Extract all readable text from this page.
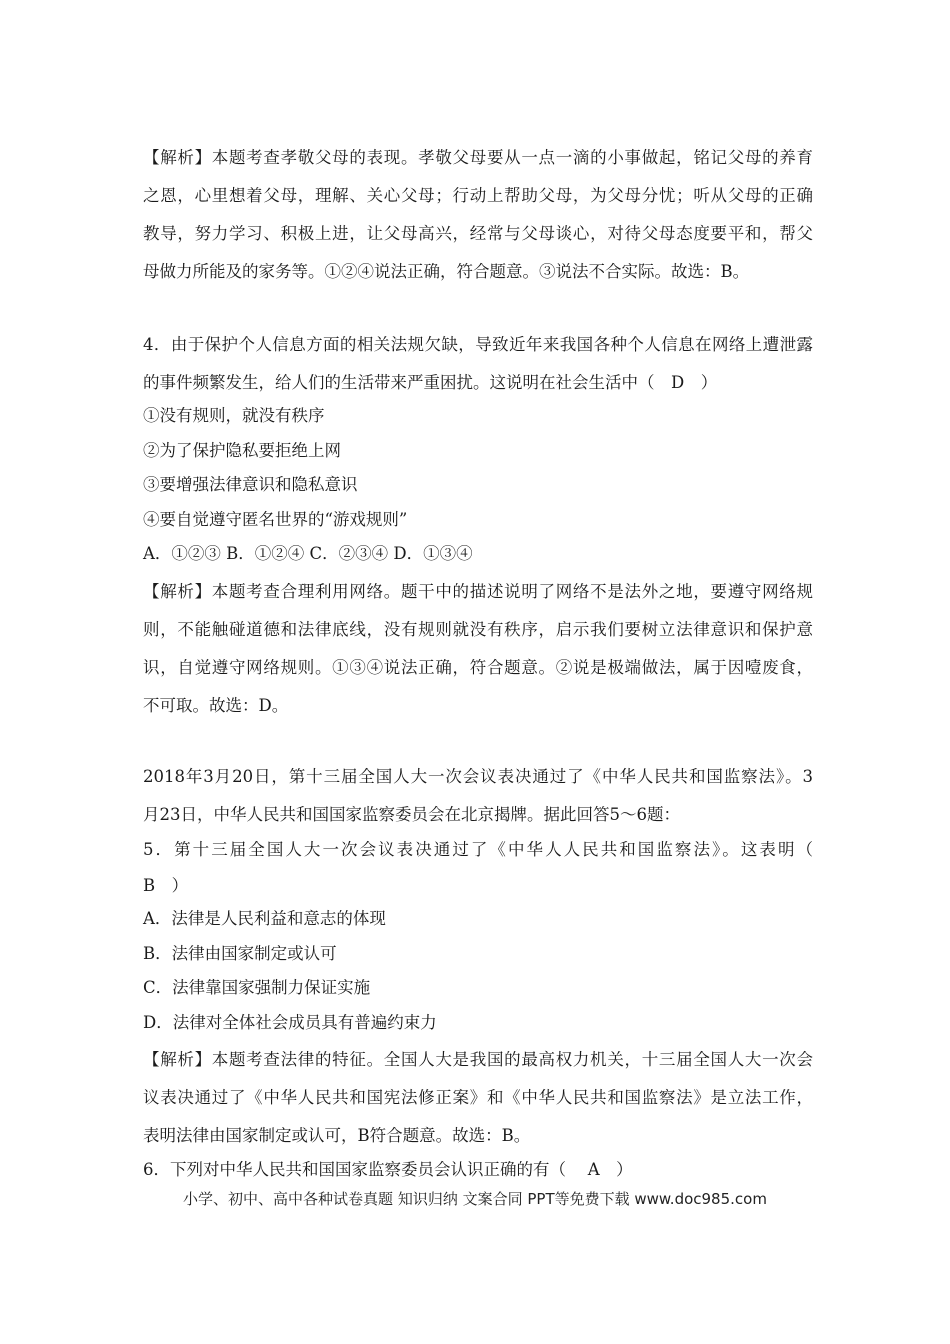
【解析】本题考查孝敬父母的表现。孝敬父母要从一点一滴的小事做起，铭记父母的养育
之恩，心里想着父母，理解、关心父母；行动上帮助父母，为父母分忧；听从父母的正确
教导，努力学习、积极上进，让父母高兴，经常与父母谈心，对待父母态度要平和，帮父
母做力所能及的家务等。①②④说法正确，符合题意。③说法不合实际。故选：B。
4．由于保护个人信息方面的相关法规欠缺，导致近年来我国各种个人信息在网络上遭泄露
的事件频繁发生，给人们的生活带来严重困扰。这说明在社会生活中（　D　）
①没有规则，就没有秩序
②为了保护隐私要拒绝上网
③要增强法律意识和隐私意识
④要自觉遵守匿名世界的“游戏规则”
A．①②③ B．①②④ C．②③④ D．①③④
【解析】本题考查合理利用网络。题干中的描述说明了网络不是法外之地，要遵守网络规
则，不能触碰道德和法律底线，没有规则就没有秩序，启示我们要树立法律意识和保护意
识，自觉遵守网络规则。①③④说法正确，符合题意。②说是极端做法，属于因噎废食，
不可取。故选：D。
2018年3月20日，第十三届全国人大一次会议表决通过了《中华人民共和国监察法》。3
月23日，中华人民共和国国家监察委员会在北京揭牌。据此回答5～6题：
5．第十三届全国人大一次会议表决通过了《中华人人民共和国监察法》。这表明（
B　）
A．法律是人民利益和意志的体现
B．法律由国家制定或认可
C．法律靠国家强制力保证实施
D．法律对全体社会成员具有普遍约束力
【解析】本题考查法律的特征。全国人大是我国的最高权力机关，十三届全国人大一次会
议表决通过了《中华人民共和国宪法修正案》和《中华人民共和国监察法》是立法工作，
表明法律由国家制定或认可，B符合题意。故选：B。
6．下列对中华人民共和国国家监察委员会认识正确的有（　 A　）
小学、初中、高中各种试卷真题 知识归纳 文案合同 PPT等免费下载 www.doc985.com
